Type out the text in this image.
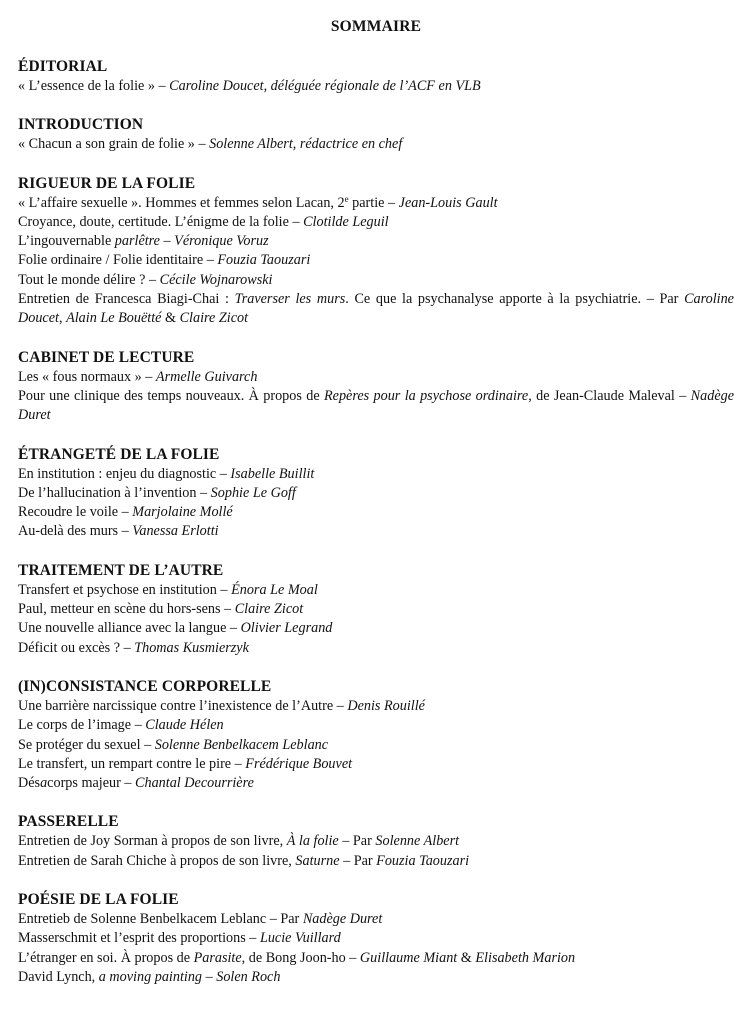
SOMMAIRE
ÉDITORIAL
« L’essence de la folie » – Caroline Doucet, déléguée régionale de l’ACF en VLB
INTRODUCTION
« Chacun a son grain de folie » – Solenne Albert, rédactrice en chef
RIGUEUR DE LA FOLIE
« L’affaire sexuelle ». Hommes et femmes selon Lacan, 2e partie – Jean-Louis Gault
Croyance, doute, certitude. L’énigme de la folie – Clotilde Leguil
L’ingouvernable parlêtre – Véronique Voruz
Folie ordinaire / Folie identitaire – Fouzia Taouzari
Tout le monde délire ? – Cécile Wojnarowski
Entretien de Francesca Biagi-Chai : Traverser les murs. Ce que la psychanalyse apporte à la psychiatrie. – Par Caroline Doucet, Alain Le Bouëtté & Claire Zicot
CABINET DE LECTURE
Les « fous normaux » – Armelle Guivarch
Pour une clinique des temps nouveaux. À propos de Repères pour la psychose ordinaire, de Jean-Claude Maleval – Nadège Duret
ÉTRANGETÉ DE LA FOLIE
En institution : enjeu du diagnostic – Isabelle Buillit
De l’hallucination à l’invention – Sophie Le Goff
Recoudre le voile – Marjolaine Mollé
Au-delà des murs – Vanessa Erlotti
TRAITEMENT DE L’AUTRE
Transfert et psychose en institution – Énora Le Moal
Paul, metteur en scène du hors-sens – Claire Zicot
Une nouvelle alliance avec la langue – Olivier Legrand
Déficit ou excès ? – Thomas Kusmierzyk
(IN)CONSISTANCE CORPORELLE
Une barrière narcissique contre l’inexistence de l’Autre – Denis Rouillé
Le corps de l’image – Claude Hélen
Se protéger du sexuel – Solenne Benbelkacem Leblanc
Le transfert, un rempart contre le pire – Frédérique Bouvet
Désacorps majeur – Chantal Decourrière
PASSERELLE
Entretien de Joy Sorman à propos de son livre, À la folie – Par Solenne Albert
Entretien de Sarah Chiche à propos de son livre, Saturne – Par Fouzia Taouzari
POÉSIE DE LA FOLIE
Entretieb de Solenne Benbelkacem Leblanc – Par Nadège Duret
Masserschmit et l’esprit des proportions – Lucie Vuillard
L’étranger en soi. À propos de Parasite, de Bong Joon-ho – Guillaume Miant & Elisabeth Marion
David Lynch, a moving painting – Solen Roch
